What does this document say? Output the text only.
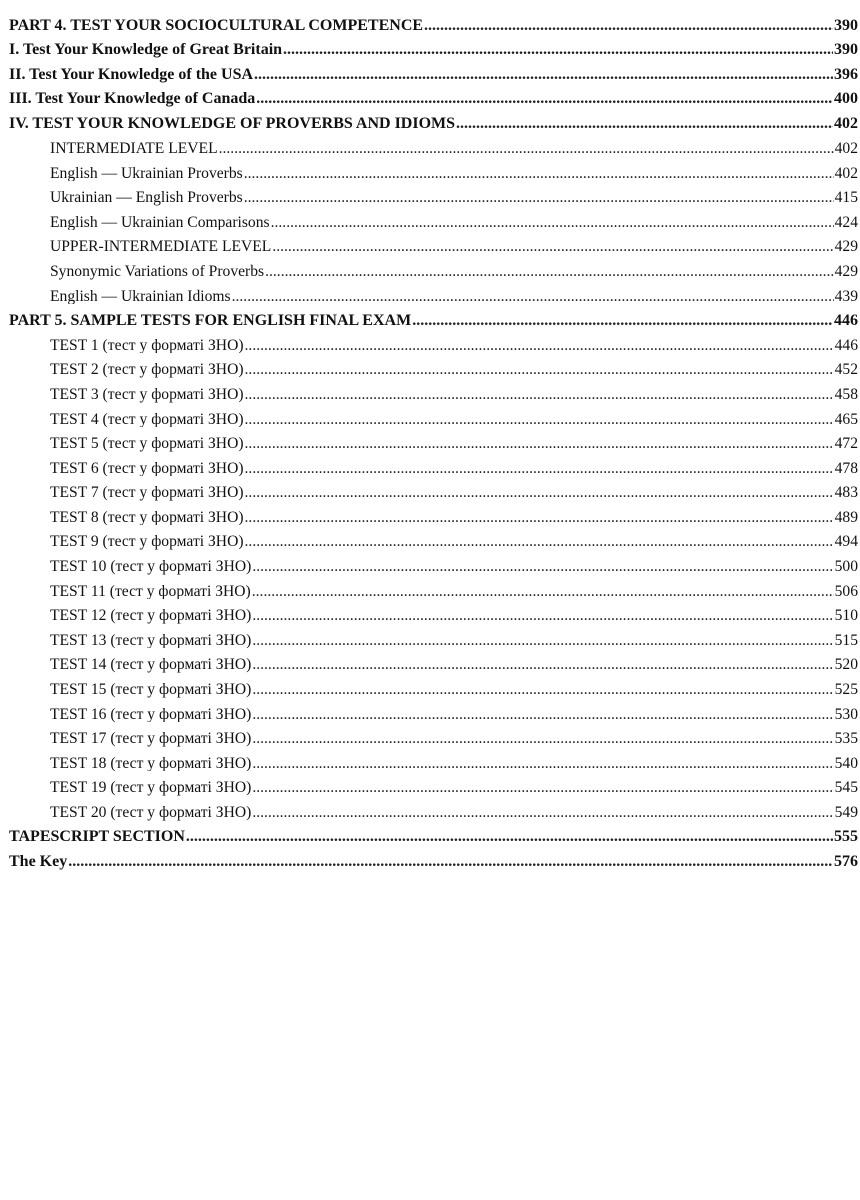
PART 4. TEST YOUR SOCIOCULTURAL COMPETENCE .....	390
I. Test Your Knowledge of Great Britain .....	390
II. Test Your Knowledge of the USA .....	396
III. Test Your Knowledge of Canada .....	400
IV. TEST YOUR KNOWLEDGE OF PROVERBS AND IDIOMS .....	402
INTERMEDIATE LEVEL .....	402
English — Ukrainian Proverbs .....	402
Ukrainian — English Proverbs .....	415
English — Ukrainian Comparisons .....	424
UPPER-INTERMEDIATE LEVEL .....	429
Synonymic Variations of Proverbs .....	429
English — Ukrainian Idioms .....	439
PART 5. SAMPLE TESTS FOR ENGLISH FINAL EXAM .....	446
TEST 1 (тест у форматі ЗНО) .....	446
TEST 2 (тест у форматі ЗНО) .....	452
TEST 3 (тест у форматі ЗНО) .....	458
TEST 4 (тест у форматі ЗНО) .....	465
TEST 5 (тест у форматі ЗНО) .....	472
TEST 6 (тест у форматі ЗНО) .....	478
TEST 7 (тест у форматі ЗНО) .....	483
TEST 8 (тест у форматі ЗНО) .....	489
TEST 9 (тест у форматі ЗНО) .....	494
TEST 10 (тест у форматі ЗНО) .....	500
TEST 11 (тест у форматі ЗНО) .....	506
TEST 12 (тест у форматі ЗНО) .....	510
TEST 13 (тест у форматі ЗНО) .....	515
TEST 14 (тест у форматі ЗНО) .....	520
TEST 15 (тест у форматі ЗНО) .....	525
TEST 16 (тест у форматі ЗНО) .....	530
TEST 17 (тест у форматі ЗНО) .....	535
TEST 18 (тест у форматі ЗНО) .....	540
TEST 19 (тест у форматі ЗНО) .....	545
TEST 20 (тест у форматі ЗНО) .....	549
TAPESCRIPT SECTION .....	555
The Key .....	576
